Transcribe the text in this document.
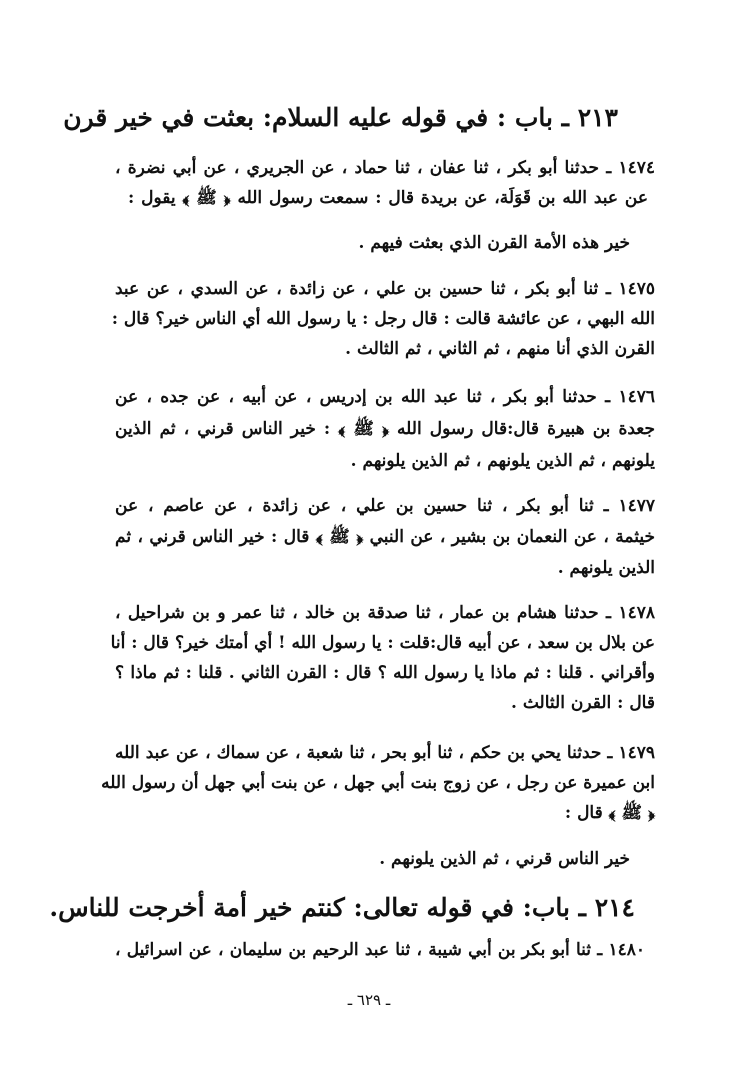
٢١٣ ـ باب : في قوله عليه السلام: بعثت في خير قرن
١٤٧٤ ـ حدثنا أبو بكر ، ثنا عفان ، ثنا حماد ، عن الجريري ، عن أبي نضرة ،
عن عبد الله بن قَوَلَة، عن بريدة قال : سمعت رسول الله ﴿ ﷺ ﴾ يقول :
خير هذه الأمة القرن الذي بعثت فيهم .
١٤٧٥ ـ ثنا أبو بكر ، ثنا حسين بن علي ، عن زائدة ، عن السدي ، عن عبد
الله البهي ، عن عائشة قالت : قال رجل : يا رسول الله أي الناس خير؟ قال :
القرن الذي أنا منهم ، ثم الثاني ، ثم الثالث .
١٤٧٦ ـ حدثنا أبو بكر ، ثنا عبد الله بن إدريس ، عن أبيه ، عن جده ، عن
جعدة بن هبيرة قال:قال رسول الله ﴿ ﷺ ﴾ : خير الناس قرني ، ثم الذين
يلونهم ، ثم الذين يلونهم ، ثم الذين يلونهم .
١٤٧٧ ـ ثنا أبو بكر ، ثنا حسين بن علي ، عن زائدة ، عن عاصم ، عن
خيثمة ، عن النعمان بن بشير ، عن النبي ﴿ ﷺ ﴾ قال : خير الناس قرني ، ثم
الذين يلونهم .
١٤٧٨ ـ حدثنا هشام بن عمار ، ثنا صدقة بن خالد ، ثنا عمر و بن شراحيل ،
عن بلال بن سعد ، عن أبيه قال:قلت : يا رسول الله ! أي أمتك خير؟ قال : أنا
وأقراني . قلنا : ثم ماذا يا رسول الله ؟ قال : القرن الثاني . قلنا : ثم ماذا ؟
قال : القرن الثالث .
١٤٧٩ ـ حدثنا يحي بن حكم ، ثنا أبو بحر ، ثنا شعبة ، عن سماك ، عن عبد الله
ابن عميرة عن رجل ، عن زوج بنت أبي جهل ، عن بنت أبي جهل أن رسول الله
﴿ ﷺ ﴾ قال :
خير الناس قرني ، ثم الذين يلونهم .
٢١٤ ـ باب: في قوله تعالى: كنتم خير أمة أخرجت للناس.
١٤٨٠ ـ ثنا أبو بكر بن أبي شيبة ، ثنا عبد الرحيم بن سليمان ، عن اسرائيل ،
ـ ٦٢٩ ـ
